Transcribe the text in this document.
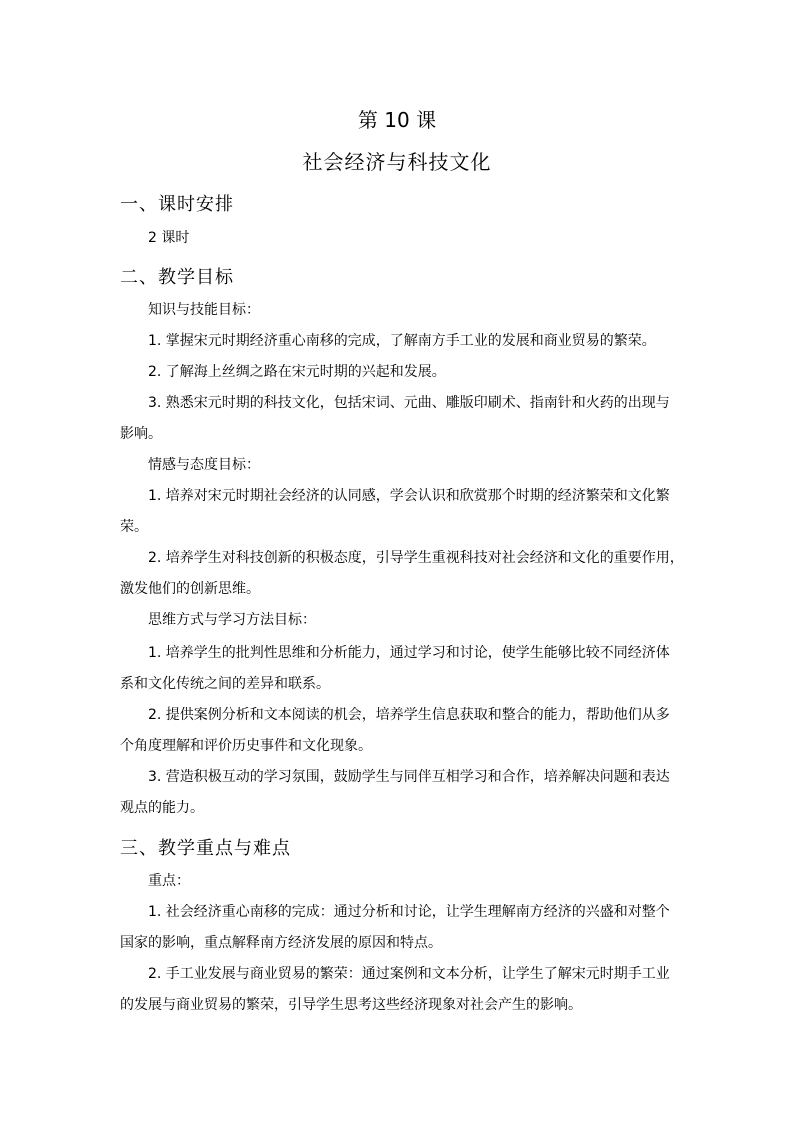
第 10 课
社会经济与科技文化
一、课时安排
2 课时
二、教学目标
知识与技能目标：
1. 掌握宋元时期经济重心南移的完成，了解南方手工业的发展和商业贸易的繁荣。
2. 了解海上丝绸之路在宋元时期的兴起和发展。
3. 熟悉宋元时期的科技文化，包括宋词、元曲、雕版印刷术、指南针和火药的出现与
影响。
情感与态度目标：
1. 培养对宋元时期社会经济的认同感，学会认识和欣赏那个时期的经济繁荣和文化繁
荣。
2. 培养学生对科技创新的积极态度，引导学生重视科技对社会经济和文化的重要作用，
激发他们的创新思维。
思维方式与学习方法目标：
1. 培养学生的批判性思维和分析能力，通过学习和讨论，使学生能够比较不同经济体
系和文化传统之间的差异和联系。
2. 提供案例分析和文本阅读的机会，培养学生信息获取和整合的能力，帮助他们从多
个角度理解和评价历史事件和文化现象。
3. 营造积极互动的学习氛围，鼓励学生与同伴互相学习和合作，培养解决问题和表达
观点的能力。
三、教学重点与难点
重点：
1. 社会经济重心南移的完成：通过分析和讨论，让学生理解南方经济的兴盛和对整个
国家的影响，重点解释南方经济发展的原因和特点。
2. 手工业发展与商业贸易的繁荣：通过案例和文本分析，让学生了解宋元时期手工业
的发展与商业贸易的繁荣，引导学生思考这些经济现象对社会产生的影响。
